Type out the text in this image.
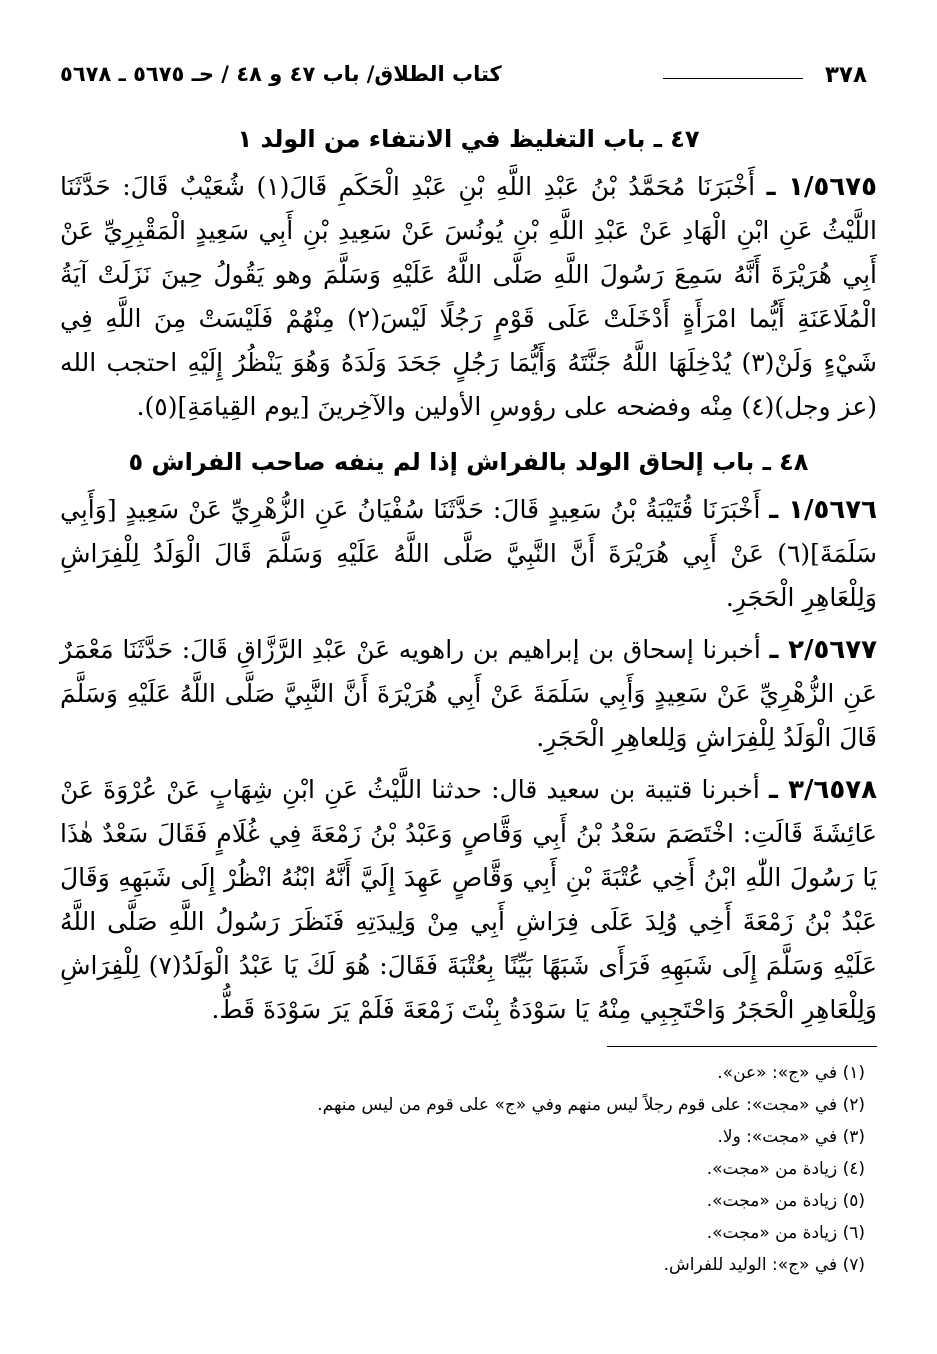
٣٧٨
كتاب الطلاق/ باب ٤٧ و ٤٨ / حـ ٥٦٧٥ ـ ٥٦٧٨
٤٧ ـ باب التغليظ في الانتفاء من الولد ١

١/٥٦٧٥ ـ أَخْبَرَنَا مُحَمَّدُ بْنُ عَبْدِ اللَّهِ بْنِ عَبْدِ الْحَكَمِ قَالَ(١) شُعَيْبٌ قَالَ: حَدَّثَنَا اللَّيْثُ عَنِ ابْنِ الْهَادِ عَنْ عَبْدِ اللَّهِ بْنِ يُونُسَ عَنْ سَعِيدِ بْنِ أَبِي سَعِيدٍ الْمَقْبِرِيِّ عَنْ أَبِي هُرَيْرَةَ أَنَّهُ سَمِعَ رَسُولَ اللَّهِ صَلَّى اللَّهُ عَلَيْهِ وَسَلَّمَ وهو يَقُولُ حِينَ نَزَلَتْ آيَةُ الْمُلَاعَنَةِ أَيُّما امْرَأَةٍ أَدْخَلَتْ عَلَى قَوْمٍ رَجُلًا لَيْسَ(٢) مِنْهُمْ فَلَيْسَتْ مِنَ اللَّهِ فِي شَيْءٍ وَلَنْ(٣) يُدْخِلَهَا اللَّهُ جَنَّتَهُ وَأَيُّمَا رَجُلٍ جَحَدَ وَلَدَهُ وَهُوَ يَنْظُرُ إِلَيْهِ احتجب الله (عز وجل)(٤) مِنْه وفضحه على رؤوسِ الأولين والآخِرينَ [يوم القِيامَةِ](٥).

٤٨ ـ باب إلحاق الولد بالفراش إذا لم ينفه صاحب الفراش ٥

١/٥٦٧٦ ـ أَخْبَرَنَا قُتَيْبَةُ بْنُ سَعِيدٍ قَالَ: حَدَّثَنَا سُفْيَانُ عَنِ الزُّهْرِيِّ عَنْ سَعِيدٍ [وَأَبِي سَلَمَةَ](٦) عَنْ أَبِي هُرَيْرَةَ أَنَّ النَّبِيَّ صَلَّى اللَّهُ عَلَيْهِ وَسَلَّمَ قَالَ الْوَلَدُ لِلْفِرَاشِ وَلِلْعَاهِرِ الْحَجَرِ.

٢/٥٦٧٧ ـ أخبرنا إسحاق بن إبراهيم بن راهويه عَنْ عَبْدِ الرَّزَّاقِ قَالَ: حَدَّثَنَا مَعْمَرٌ عَنِ الزُّهْرِيِّ عَنْ سَعِيدٍ وَأَبِي سَلَمَةَ عَنْ أَبِي هُرَيْرَةَ أَنَّ النَّبِيَّ صَلَّى اللَّهُ عَلَيْهِ وَسَلَّمَ قَالَ الْوَلَدُ لِلْفِرَاشِ وَلِلعاهِرِ الْحَجَرِ.

٣/٦٥٧٨ ـ أخبرنا قتيبة بن سعيد قال: حدثنا اللَّيْثُ عَنِ ابْنِ شِهَابٍ عَنْ عُرْوَةَ عَنْ عَائِشَةَ قَالَتِ: اخْتَصَمَ سَعْدُ بْنُ أَبِي وَقَّاصٍ وَعَبْدُ بْنُ زَمْعَةَ فِي غُلَامٍ فَقَالَ سَعْدٌ هٰذَا يَا رَسُولَ اللّٰهِ ابْنُ أَخِي عُتْبَةَ بْنِ أَبِي وَقَّاصٍ عَهِدَ إِلَيَّ أَنَّهُ ابْنُهُ انْظُرْ إِلَى شَبَهِهِ وَقَالَ عَبْدُ بْنُ زَمْعَةَ أَخِي وُلِدَ عَلَى فِرَاشِ أَبِي مِنْ وَلِيدَتِهِ فَنَظَرَ رَسُولُ اللَّهِ صَلَّى اللَّهُ عَلَيْهِ وَسَلَّمَ إِلَى شَبَهِهِ فَرَأَى شَبَهًا بَيِّنًا بِعُتْبَةَ فَقَالَ: هُوَ لَكَ يَا عَبْدُ الْوَلَدُ(٧) لِلْفِرَاشِ وَلِلْعَاهِرِ الْحَجَرُ وَاحْتَجِبِي مِنْهُ يَا سَوْدَةُ بِنْتَ زَمْعَةَ فَلَمْ يَرَ سَوْدَةَ قَطُّ.

(١) في «ج»: «عن».
(٢) في «مجت»: على قوم رجلاً ليس منهم وفي «ج» على قوم من ليس منهم.
(٣) في «مجت»: ولا.
(٤) زيادة من «مجت».
(٥) زيادة من «مجت».
(٦) زيادة من «مجت».
(٧) في «ج»: الوليد للفراش.
